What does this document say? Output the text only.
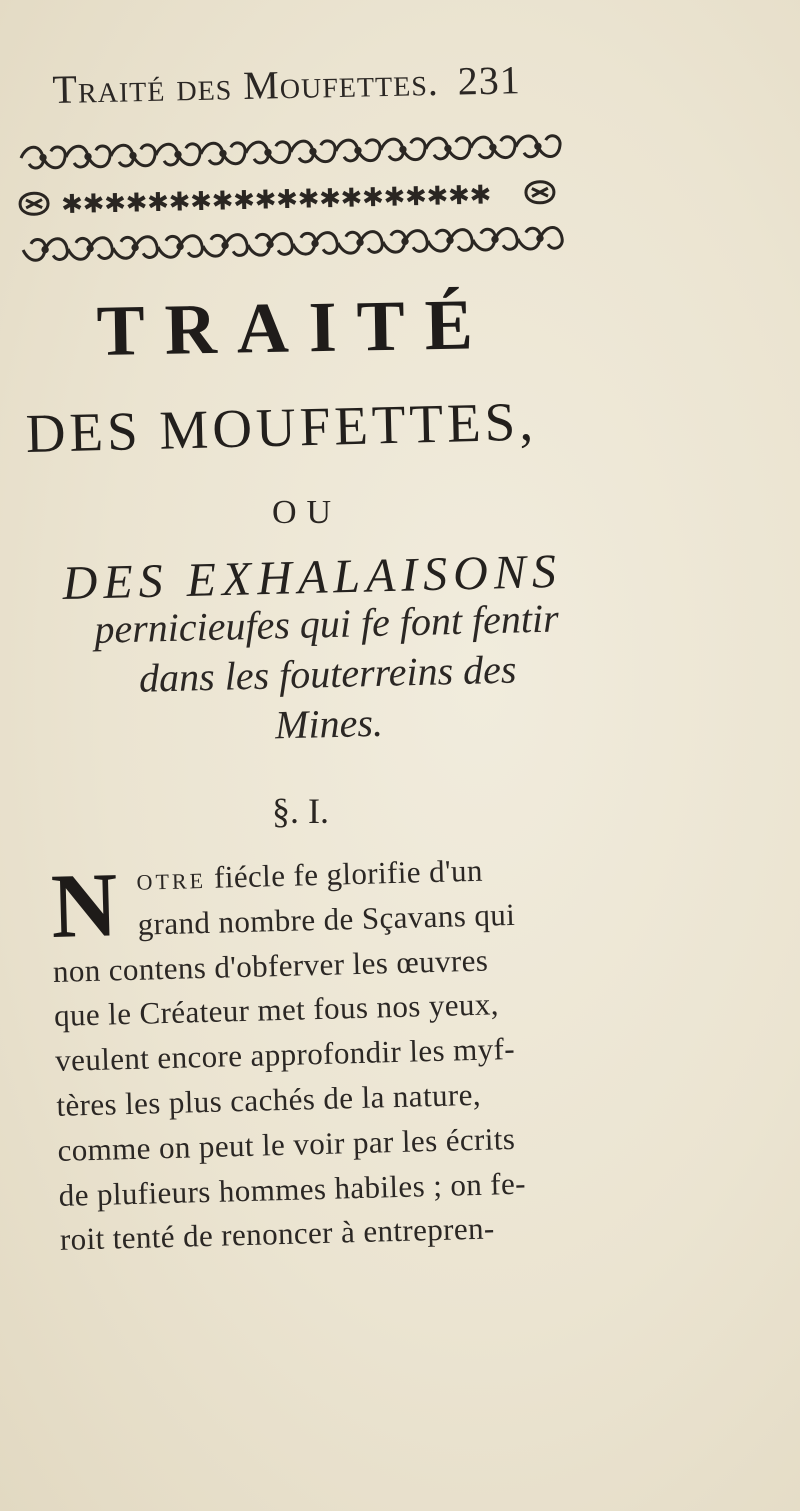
Traité des Moufettes. 231
✱ ✱ ✱ ✱ ✱ ✱ ✱ ✱ ✱ ✱ ✱ ✱ ✱ ✱ ✱ ✱ ✱ ✱ ✱ ✱
TRAITÉ
DES MOUFETTES,
OU
DES EXHALAISONS
pernicieufes qui fe font fentir
dans les fouterreins des
Mines.
§. I.
N otre fiécle fe glorifie d'un
grand nombre de Sçavans qui
non contens d'obferver les œuvres
que le Créateur met fous nos yeux,
veulent encore approfondir les myf-
tères les plus cachés de la nature,
comme on peut le voir par les écrits
de plufieurs hommes habiles ; on fe-
roit tenté de renoncer à entrepren-
